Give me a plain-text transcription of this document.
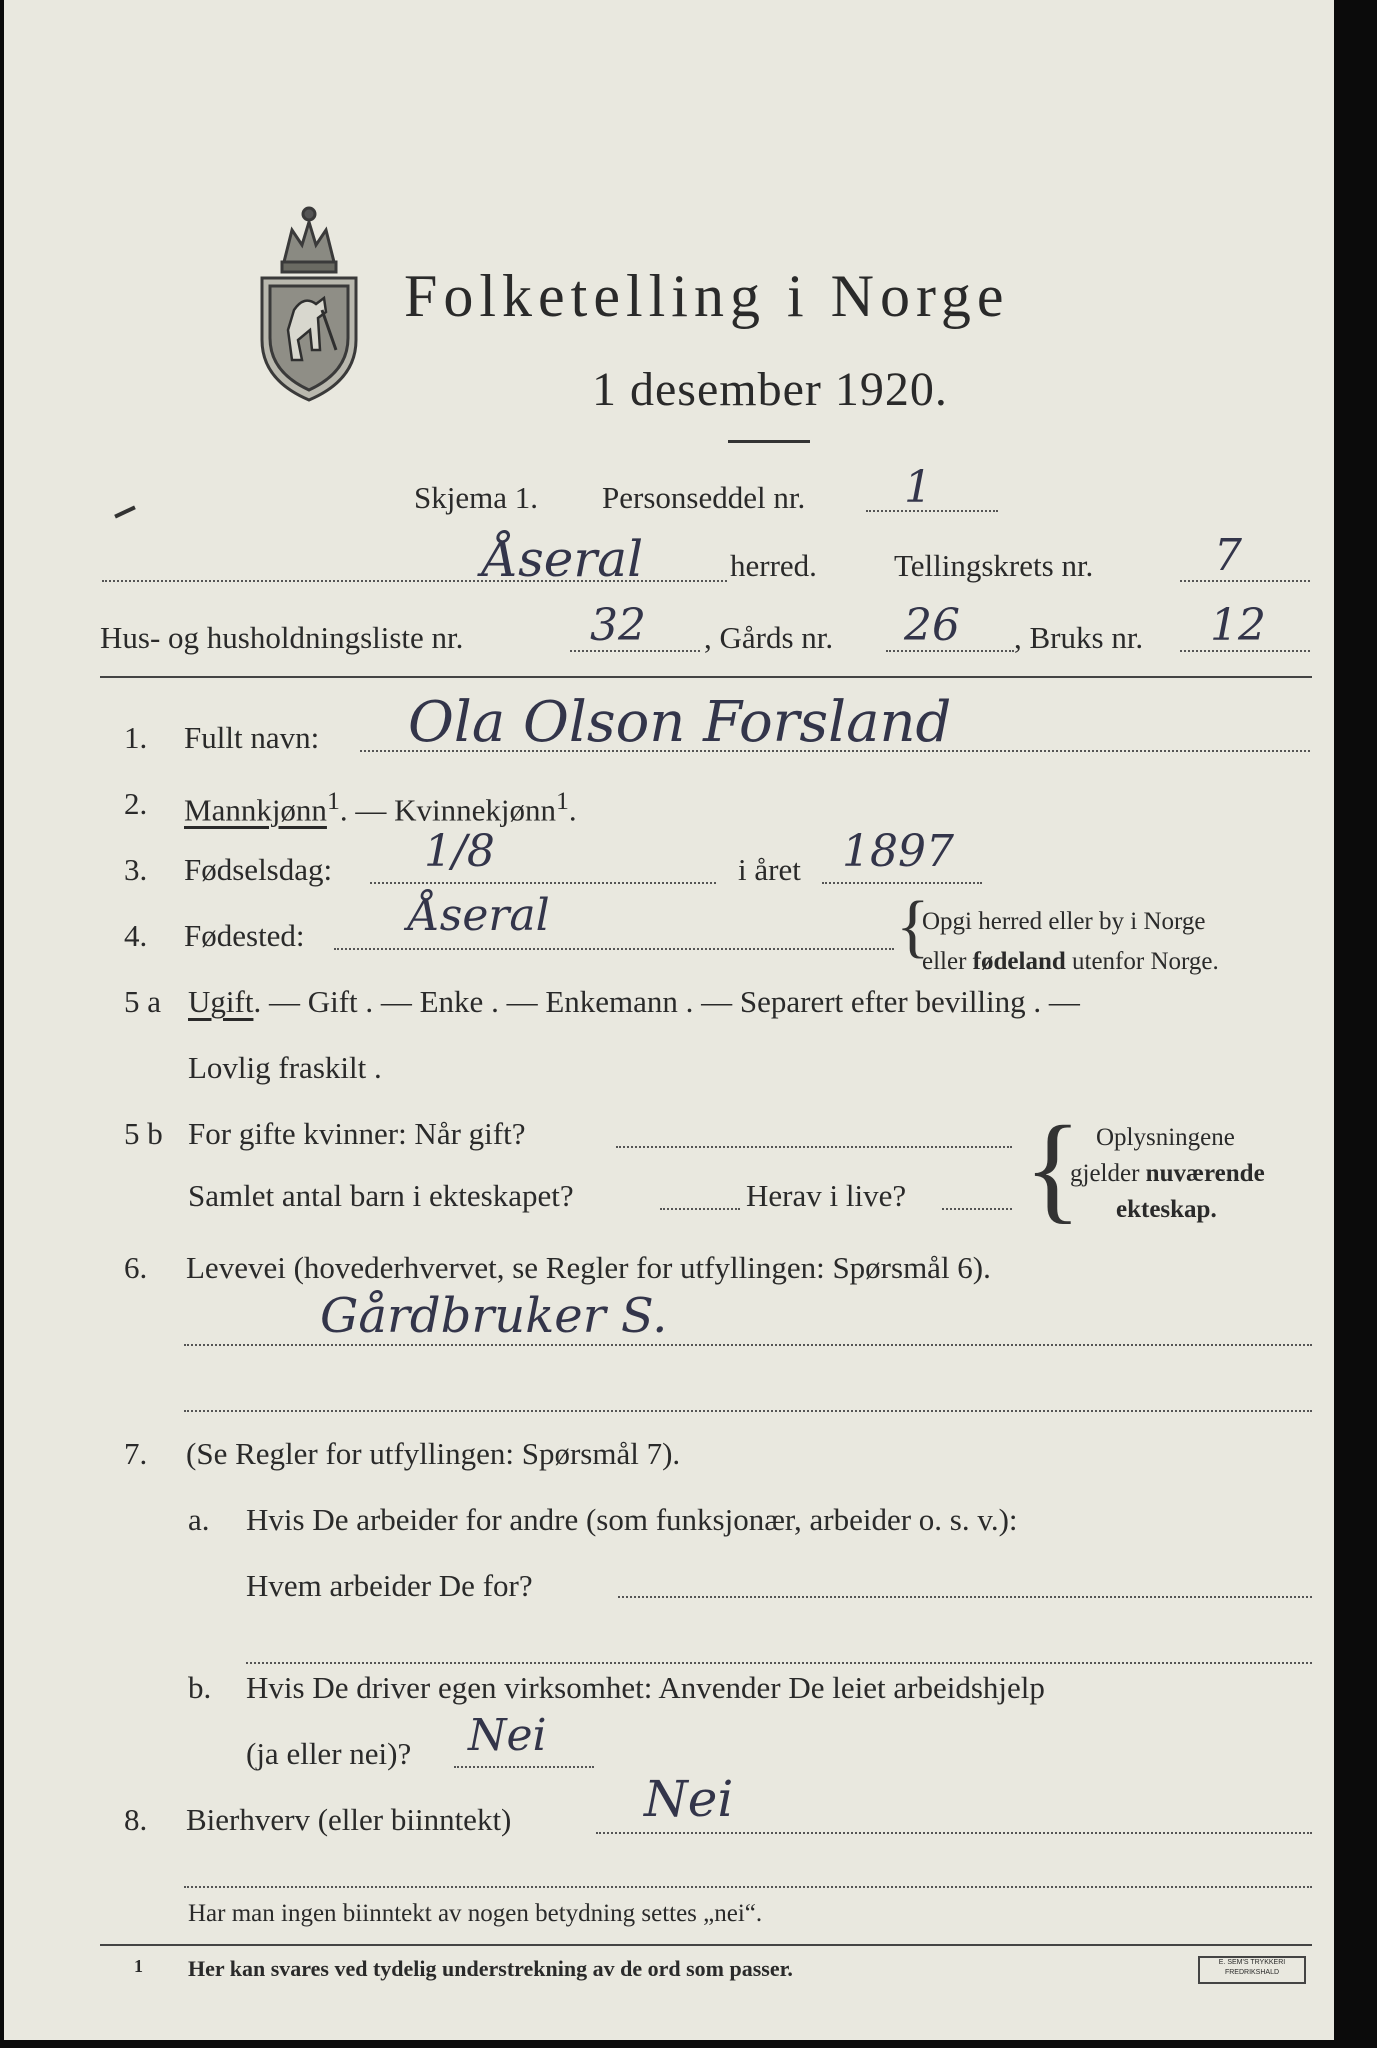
Folketelling i Norge
1 desember 1920.
Skjema 1. Personseddel nr. 1
Åseral	herred. Tellingskrets nr.	7
Hus- og husholdningsliste nr.	32 , Gårds nr. 26 , Bruks nr. 12
1. Fullt navn: Ola Olson Forsland
2. Mannkjønn$^1$. — Kvinnekjønn$^1$.
3. Fødselsdag: 1/8	i året 1897
4. Fødested: Åseral	{
Opgi herred eller by i Norge
eller fødeland utenfor Norge.
5 a Ugift. — Gift . — Enke . — Enkemann . — Separert efter bevilling . —
Lovlig fraskilt .
5 b For gifte kvinner: Når gift?
Samlet antal barn i ekteskapet?	Herav i live? { Oplysningene
gjelder nuværende
ekteskap.
6. Levevei (hovederhvervet, se Regler for utfyllingen: Spørsmål 6).
Gårdbruker S.
7. (Se Regler for utfyllingen: Spørsmål 7).
a. Hvis De arbeider for andre (som funksjonær, arbeider o. s. v.):
Hvem arbeider De for?
b. Hvis De driver egen virksomhet: Anvender De leiet arbeidshjelp
(ja eller nei)? Nei
8. Bierhverv (eller biinntekt)	Nei
Har man ingen biinntekt av nogen betydning settes „nei“.
1 Her kan svares ved tydelig understrekning av de ord som passer.	E. SEM'S TRYKKERI
FREDRIKSHALD
